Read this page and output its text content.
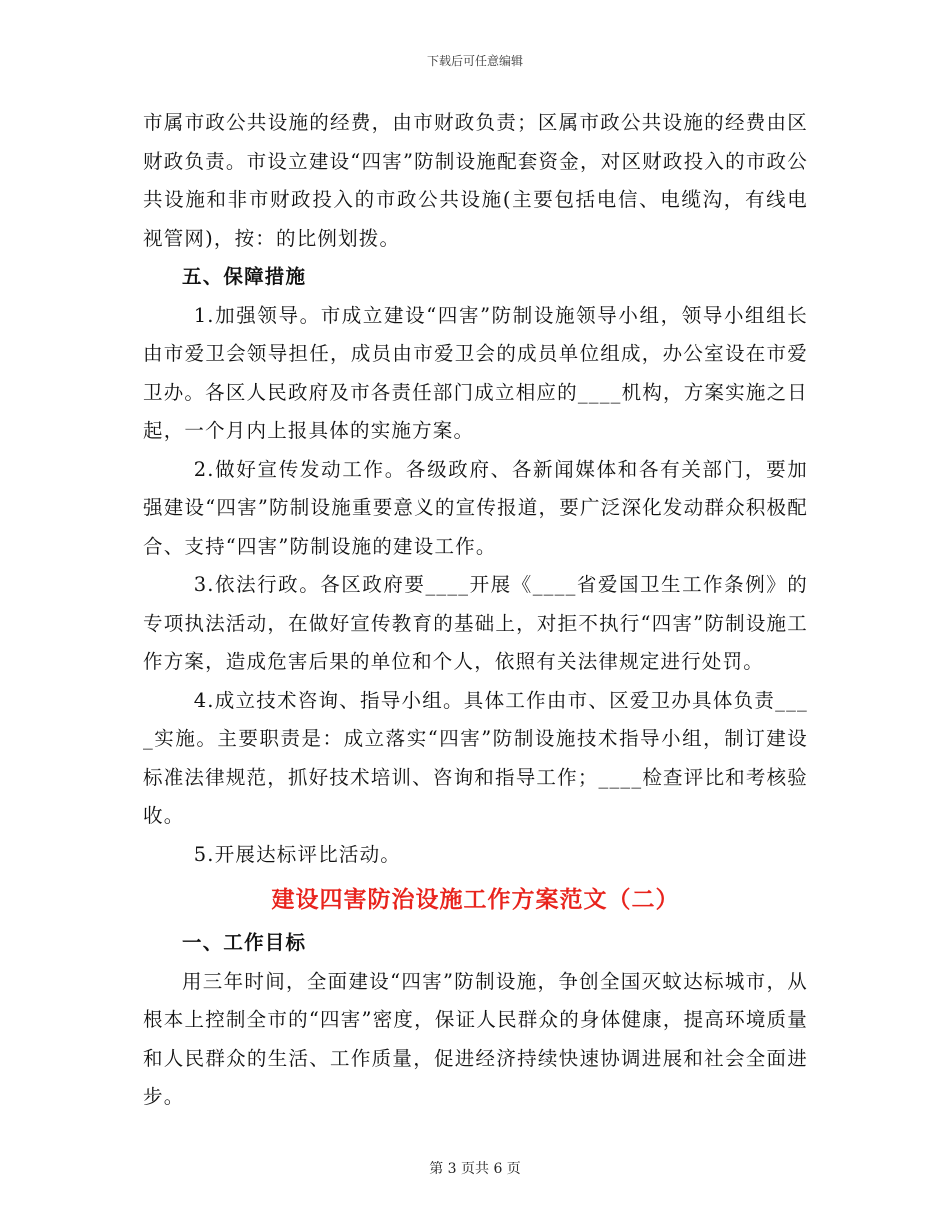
下载后可任意编辑

市属市政公共设施的经费，由市财政负责；区属市政公共设施的经费由区财政负责。市设立建设“四害”防制设施配套资金，对区财政投入的市政公共设施和非市财政投入的市政公共设施(主要包括电信、电缆沟，有线电视管网)，按：的比例划拨。

五、保障措施

1.加强领导。市成立建设“四害”防制设施领导小组，领导小组组长由市爱卫会领导担任，成员由市爱卫会的成员单位组成，办公室设在市爱卫办。各区人民政府及市各责任部门成立相应的____机构，方案实施之日起，一个月内上报具体的实施方案。

2.做好宣传发动工作。各级政府、各新闻媒体和各有关部门，要加强建设“四害”防制设施重要意义的宣传报道，要广泛深化发动群众积极配合、支持“四害”防制设施的建设工作。

3.依法行政。各区政府要____开展《____省爱国卫生工作条例》的专项执法活动，在做好宣传教育的基础上，对拒不执行“四害”防制设施工作方案，造成危害后果的单位和个人，依照有关法律规定进行处罚。

4.成立技术咨询、指导小组。具体工作由市、区爱卫办具体负责____实施。主要职责是：成立落实“四害”防制设施技术指导小组，制订建设标准法律规范，抓好技术培训、咨询和指导工作；____检查评比和考核验收。

5.开展达标评比活动。

建设四害防治设施工作方案范文（二）
一、工作目标

用三年时间，全面建设“四害”防制设施，争创全国灭蚊达标城市，从根本上控制全市的“四害”密度，保证人民群众的身体健康，提高环境质量和人民群众的生活、工作质量，促进经济持续快速协调进展和社会全面进步。

第 3 页共 6 页
